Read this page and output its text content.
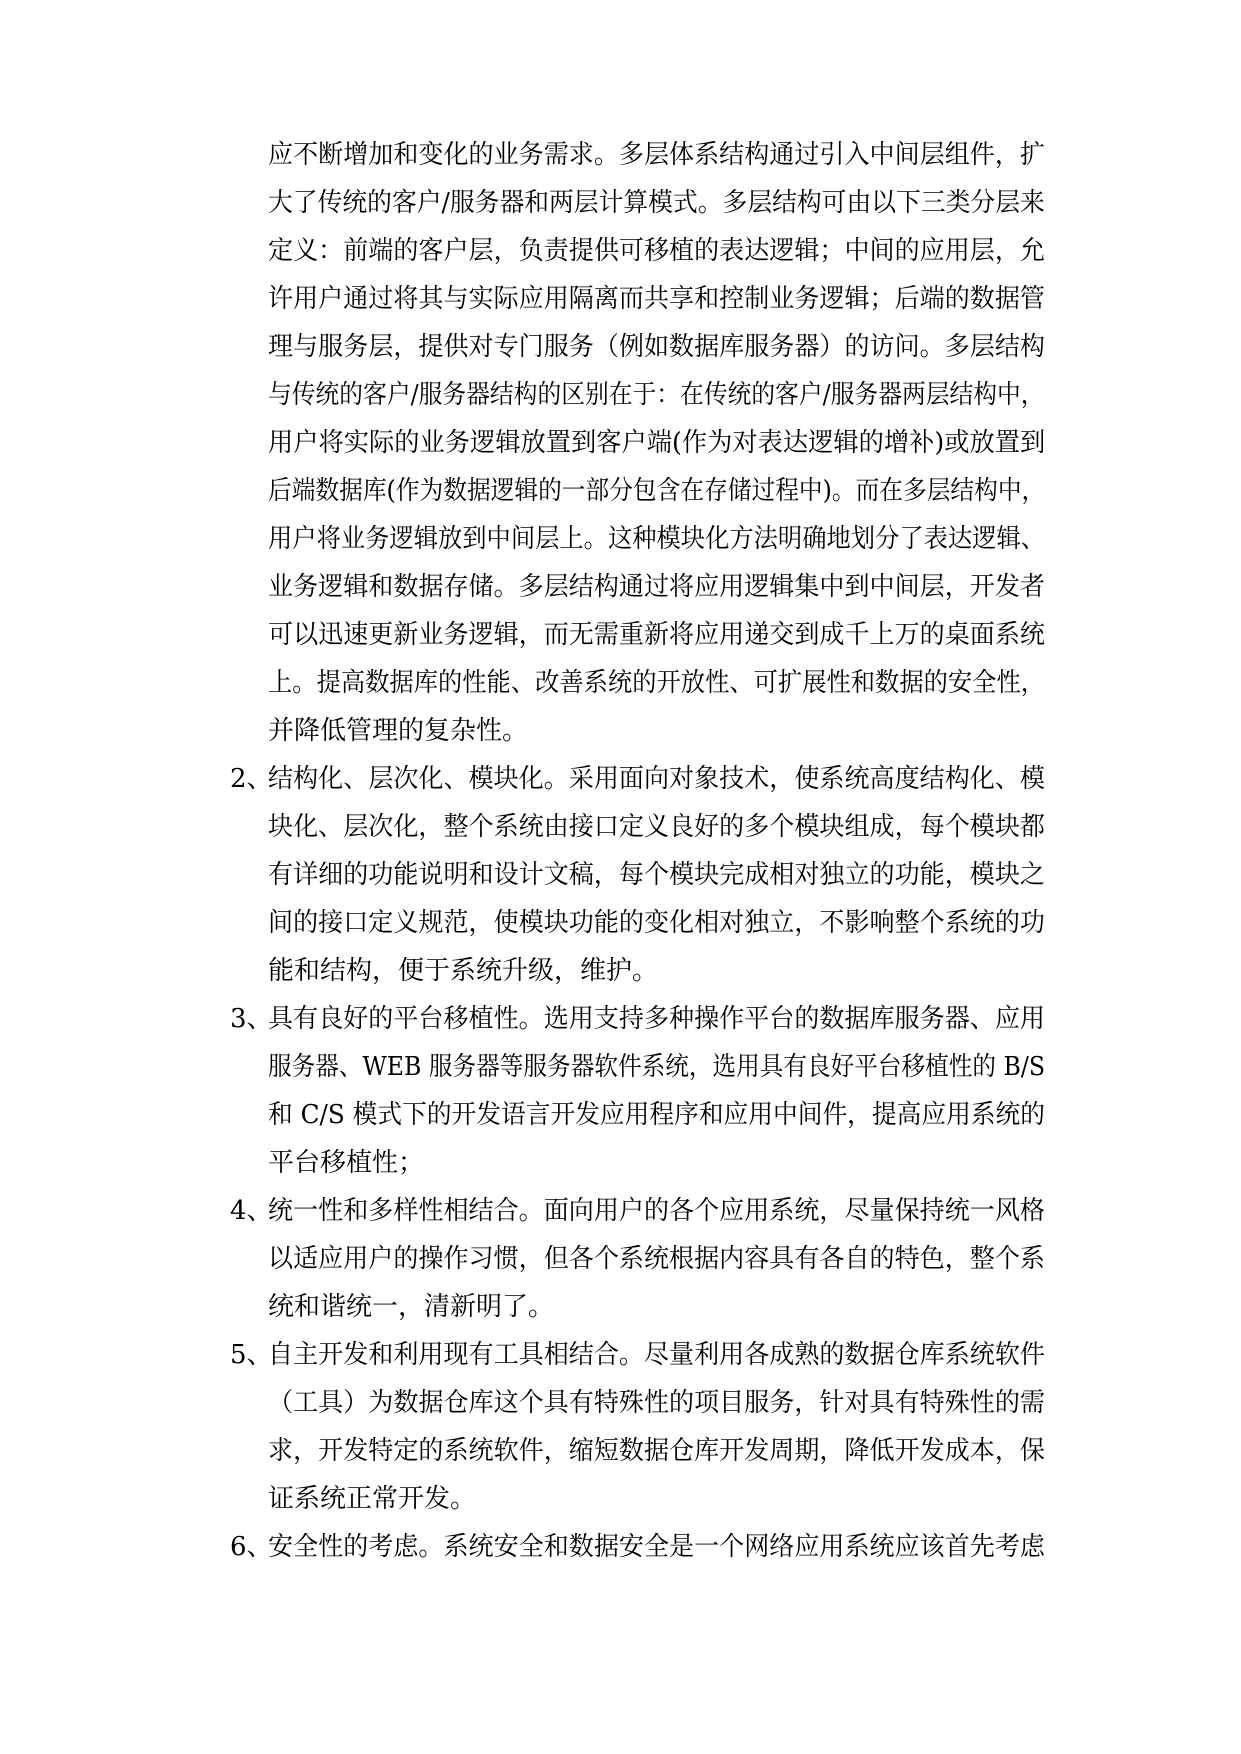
应不断增加和变化的业务需求。多层体系结构通过引入中间层组件，扩
大了传统的客户/服务器和两层计算模式。多层结构可由以下三类分层来
定义：前端的客户层，负责提供可移植的表达逻辑；中间的应用层，允
许用户通过将其与实际应用隔离而共享和控制业务逻辑；后端的数据管
理与服务层，提供对专门服务（例如数据库服务器）的访问。多层结构
与传统的客户/服务器结构的区别在于：在传统的客户/服务器两层结构中，
用户将实际的业务逻辑放置到客户端(作为对表达逻辑的增补)或放置到
后端数据库(作为数据逻辑的一部分包含在存储过程中)。而在多层结构中，
用户将业务逻辑放到中间层上。这种模块化方法明确地划分了表达逻辑、
业务逻辑和数据存储。多层结构通过将应用逻辑集中到中间层，开发者
可以迅速更新业务逻辑，而无需重新将应用递交到成千上万的桌面系统
上。提高数据库的性能、改善系统的开放性、可扩展性和数据的安全性，
并降低管理的复杂性。
2、
结构化、层次化、模块化。采用面向对象技术，使系统高度结构化、模
块化、层次化，整个系统由接口定义良好的多个模块组成，每个模块都
有详细的功能说明和设计文稿，每个模块完成相对独立的功能，模块之
间的接口定义规范，使模块功能的变化相对独立，不影响整个系统的功
能和结构，便于系统升级，维护。
3、
具有良好的平台移植性。选用支持多种操作平台的数据库服务器、应用
服务器、WEB 服务器等服务器软件系统，选用具有良好平台移植性的 B/S
和 C/S 模式下的开发语言开发应用程序和应用中间件，提高应用系统的
平台移植性；
4、
统一性和多样性相结合。面向用户的各个应用系统，尽量保持统一风格
以适应用户的操作习惯，但各个系统根据内容具有各自的特色，整个系
统和谐统一，清新明了。
5、
自主开发和利用现有工具相结合。尽量利用各成熟的数据仓库系统软件
（工具）为数据仓库这个具有特殊性的项目服务，针对具有特殊性的需
求，开发特定的系统软件，缩短数据仓库开发周期，降低开发成本，保
证系统正常开发。
6、
安全性的考虑。系统安全和数据安全是一个网络应用系统应该首先考虑
